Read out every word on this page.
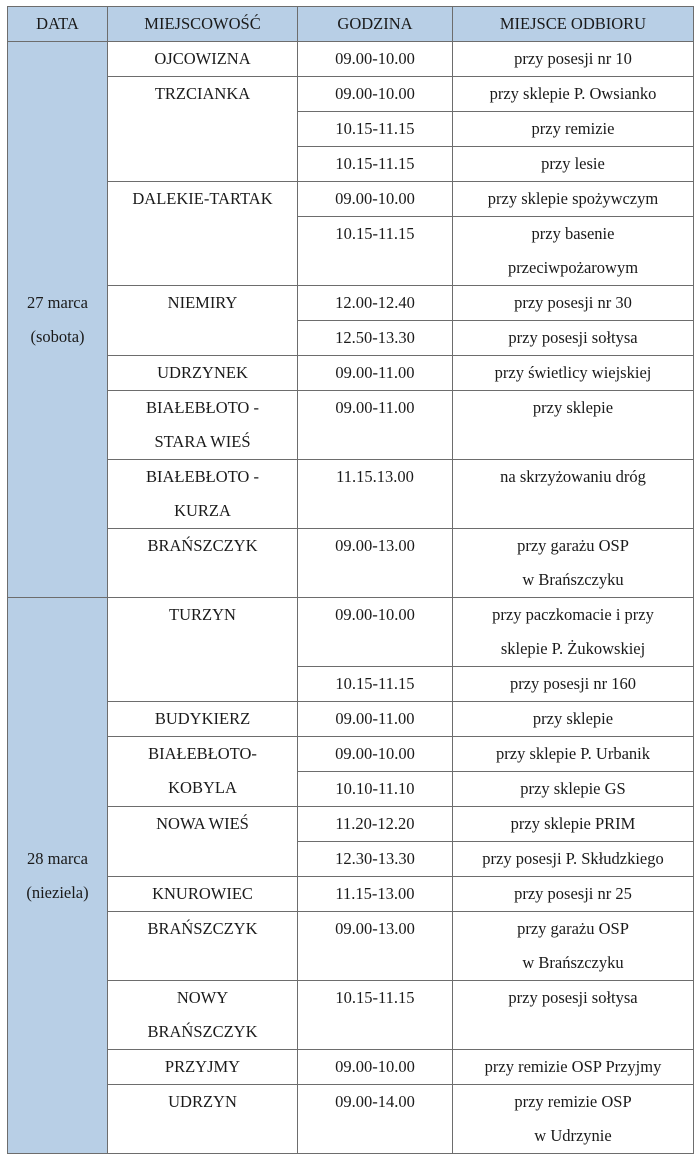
DATA	MIEJSCOWOŚĆ	GODZINA	MIEJSCE ODBIORU

27 marca
(sobota)	OJCOWIZNA	09.00-10.00	przy posesji nr 10

	TRZCIANKA	09.00-10.00	przy sklepie P. Owsianko

		10.15-11.15	przy remizie

		10.15-11.15	przy lesie

	DALEKIE-TARTAK	09.00-10.00	przy sklepie spożywczym

		10.15-11.15	przy basenie
przeciwpożarowym

	NIEMIRY	12.00-12.40	przy posesji nr 30

		12.50-13.30	przy posesji sołtysa

	UDRZYNEK	09.00-11.00	przy świetlicy wiejskiej

	BIAŁEBŁOTO -
STARA WIEŚ	09.00-11.00	przy sklepie

	BIAŁEBŁOTO -
KURZA	11.15.13.00	na skrzyżowaniu dróg

	BRAŃSZCZYK	09.00-13.00	przy garażu OSP
w Brańszczyku

28 marca
(nieziela)	TURZYN	09.00-10.00	przy paczkomacie i przy
sklepie P. Żukowskiej

		10.15-11.15	przy posesji nr 160

	BUDYKIERZ	09.00-11.00	przy sklepie

	BIAŁEBŁOTO-
KOBYLA	09.00-10.00	przy sklepie P. Urbanik

		10.10-11.10	przy sklepie GS

	NOWA WIEŚ	11.20-12.20	przy sklepie PRIM

		12.30-13.30	przy posesji P. Skłudzkiego

	KNUROWIEC	11.15-13.00	przy posesji nr 25

	BRAŃSZCZYK	09.00-13.00	przy garażu OSP
w Brańszczyku

	NOWY
BRAŃSZCZYK	10.15-11.15	przy posesji sołtysa

	PRZYJMY	09.00-10.00	przy remizie OSP Przyjmy

	UDRZYN	09.00-14.00	przy remizie OSP
w Udrzynie
